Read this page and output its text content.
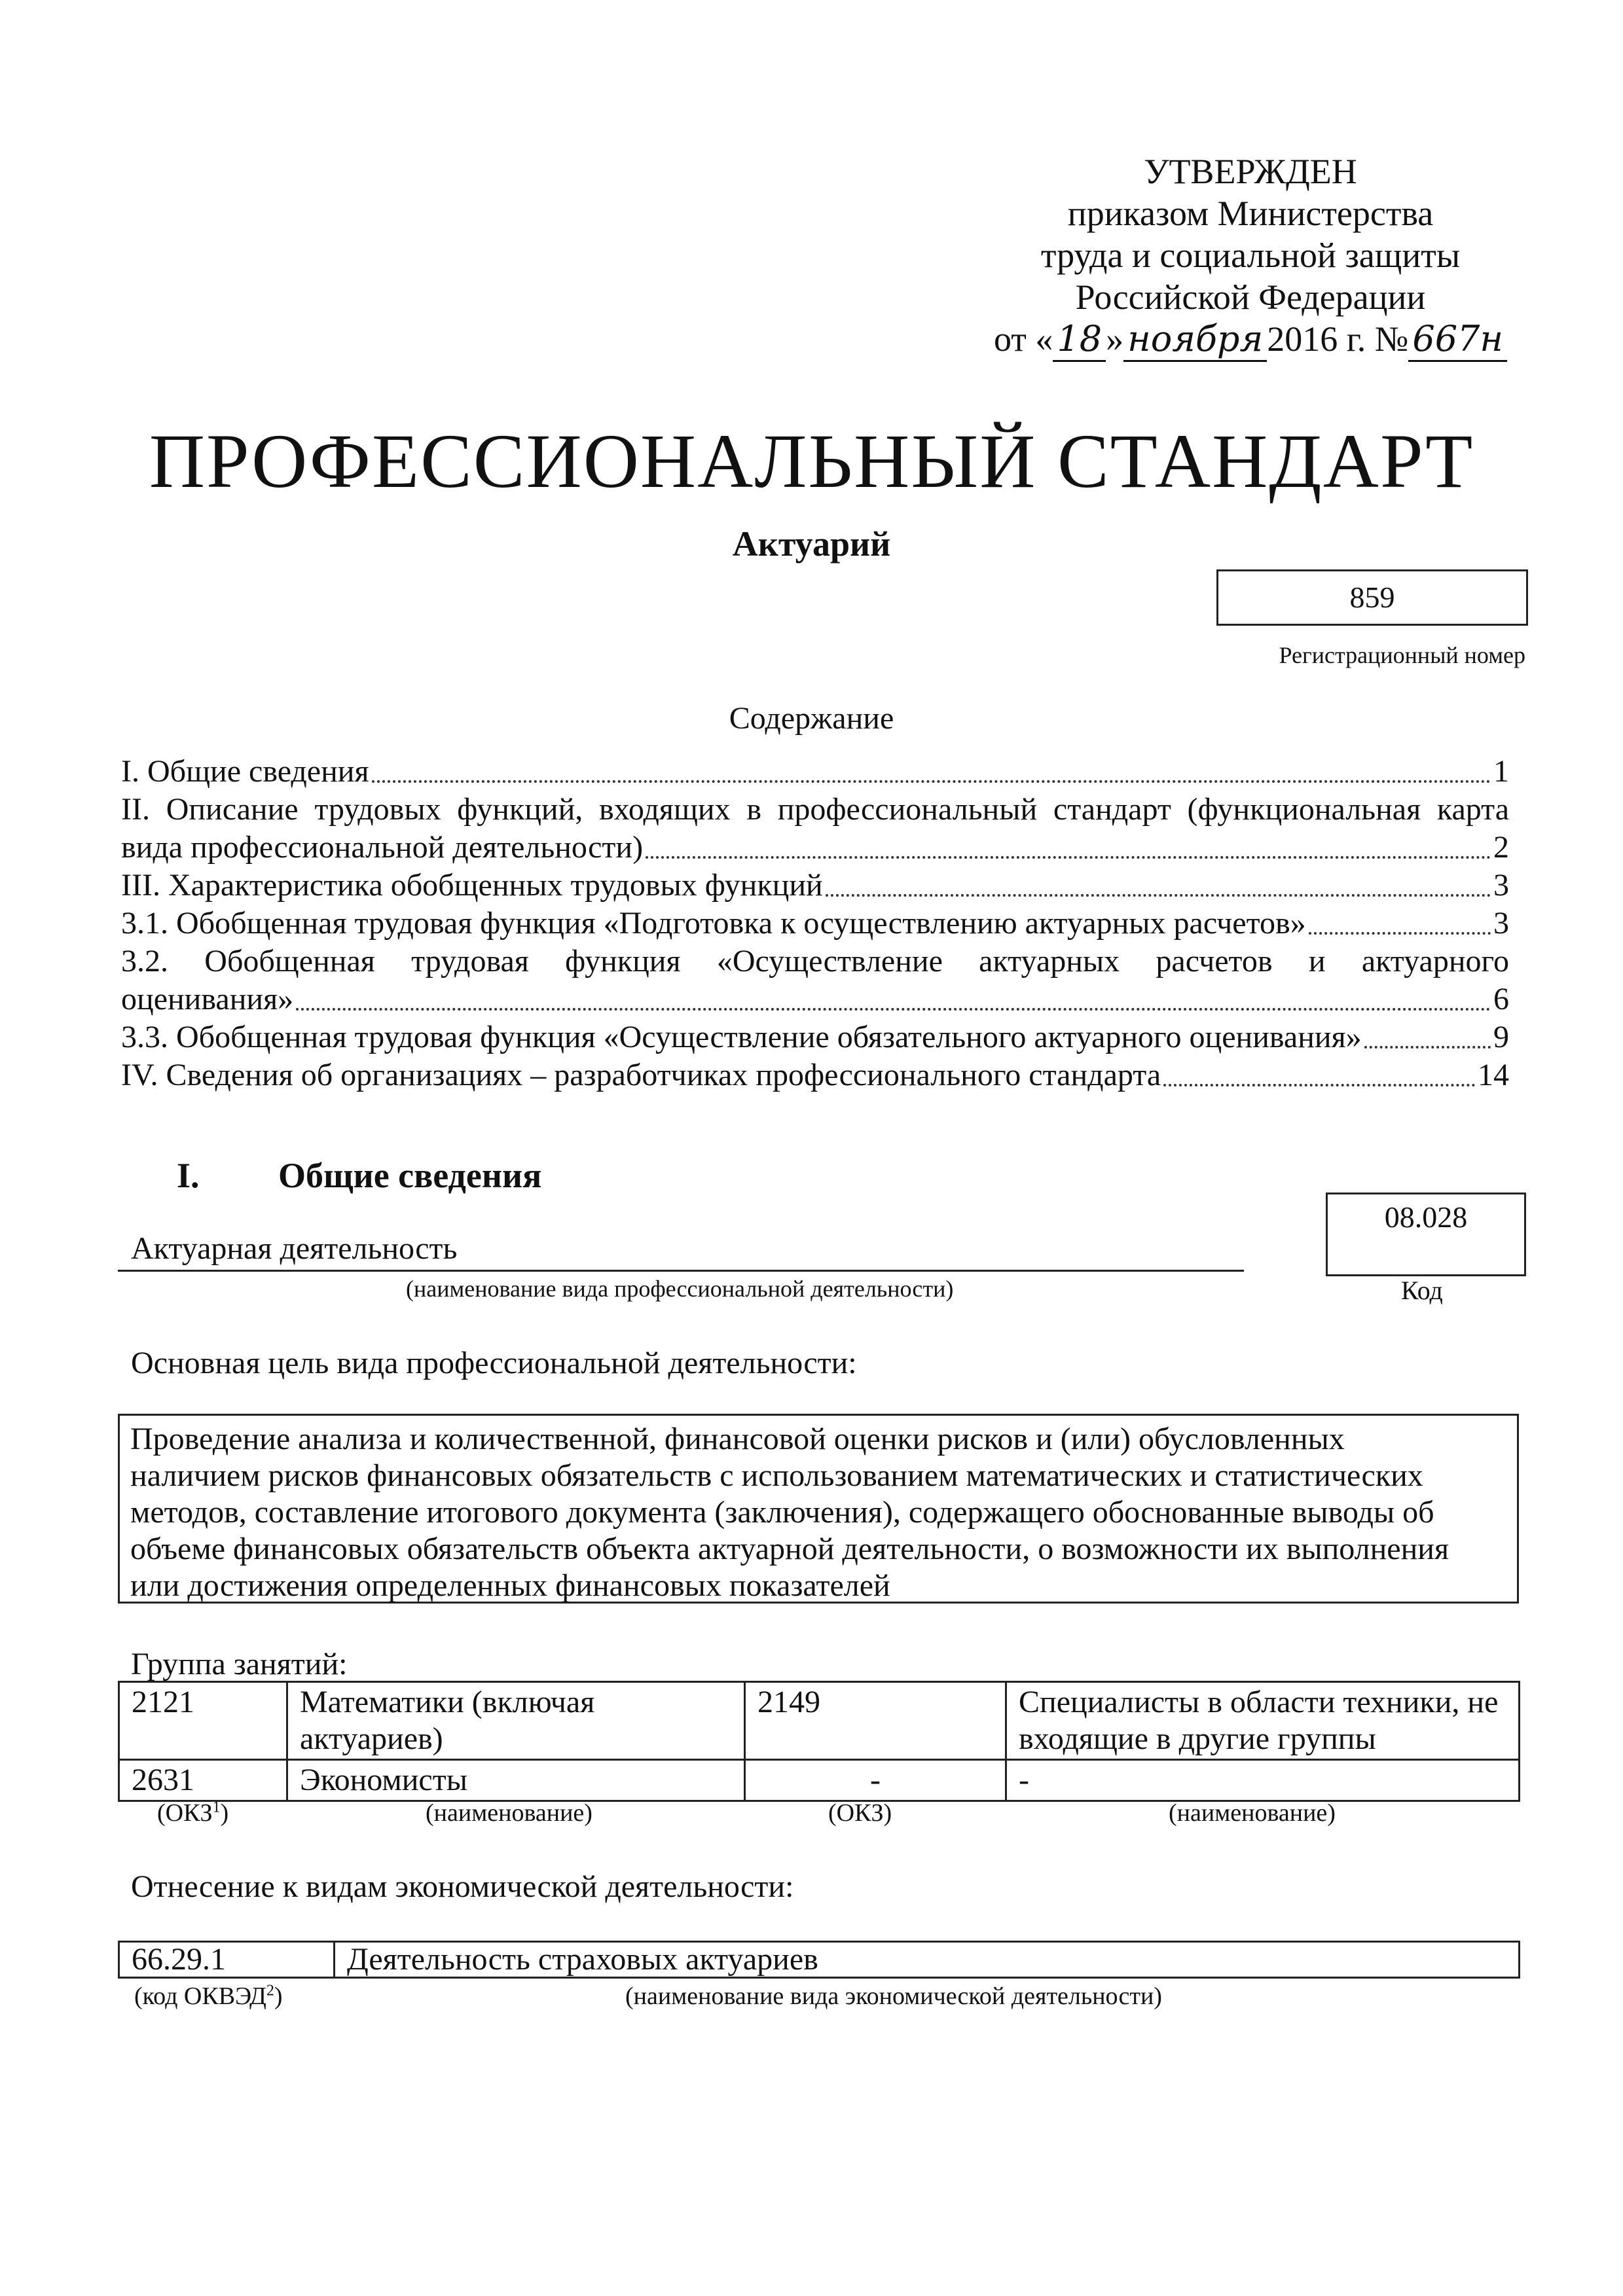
УТВЕРЖДЕН
приказом Министерства
труда и социальной защиты
Российской Федерации
от « 18 » ноября 2016 г. № 667н
ПРОФЕССИОНАЛЬНЫЙ СТАНДАРТ
Актуарий
859
Регистрационный номер
Содержание
I. Общие сведения	1
II. Описание трудовых функций, входящих в профессиональный стандарт (функциональная карта
вида профессиональной деятельности)	2
III. Характеристика обобщенных трудовых функций	3
3.1. Обобщенная трудовая функция «Подготовка к осуществлению актуарных расчетов»	3
3.2. Обобщенная трудовая функция «Осуществление актуарных расчетов и актуарного
оценивания»	6
3.3. Обобщенная трудовая функция «Осуществление обязательного актуарного оценивания»	9
IV. Сведения об организациях – разработчиках профессионального стандарта	14
I. Общие сведения
08.028
Актуарная деятельность
(наименование вида профессиональной деятельности)	Код
Основная цель вида профессиональной деятельности:
Проведение анализа и количественной, финансовой оценки рисков и (или) обусловленных
наличием рисков финансовых обязательств с использованием математических и статистических
методов, составление итогового документа (заключения), содержащего обоснованные выводы об
объеме финансовых обязательств объекта актуарной деятельности, о возможности их выполнения
или достижения определенных финансовых показателей
Группа занятий:
2121	Математики (включая актуариев)	2149	Специалисты в области техники, не входящие в другие группы
2631	Экономисты	-	-
(ОКЗ$^1$)	(наименование)	(ОКЗ)	(наименование)
Отнесение к видам экономической деятельности:
66.29.1	Деятельность страховых актуариев
(код ОКВЭД$^2$)	(наименование вида экономической деятельности)
